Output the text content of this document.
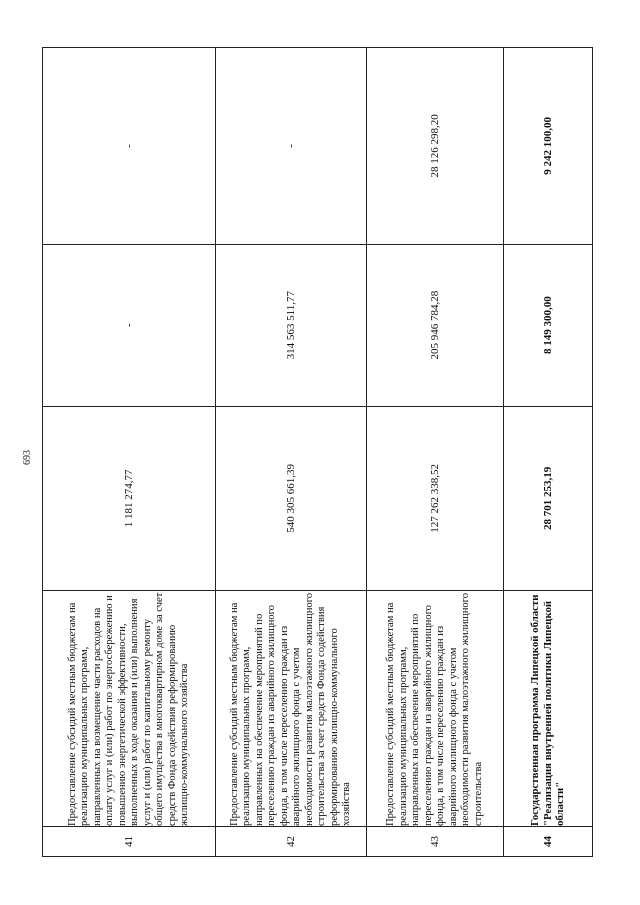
693
41	Предоставление субсидий местным бюджетам на реализацию муниципальных программ, направленных на возмещение части расходов на оплату услуг и (или) работ по энергосбережению и повышению энергетической эффективности, выполненных в ходе оказания и (или) выполнения услуг и (или) работ по капитальному ремонту общего имущества в многоквартирном доме за счет средств Фонда содействия реформированию жилищно-коммунального хозяйства	1 181 274,77	-	-
42	Предоставление субсидий местным бюджетам на реализацию муниципальных программ, направленных на обеспечение мероприятий по переселению граждан из аварийного жилищного фонда, в том числе переселению граждан из аварийного жилищного фонда с учетом необходимости развития малоэтажного жилищного строительства за счет средств Фонда содействия реформированию жилищно-коммунального хозяйства	540 305 661,39	314 563 511,77	-
43	Предоставление субсидий местным бюджетам на реализацию муниципальных программ, направленных на обеспечение мероприятий по переселению граждан из аварийного жилищного фонда, в том числе переселению граждан из аварийного жилищного фонда с учетом необходимости развития малоэтажного жилищного строительства	127 262 338,52	205 946 784,28	28 126 298,20
44	Государственная программа Липецкой области "Реализация внутренней политики Липецкой области"	28 701 253,19	8 149 300,00	9 242 100,00
